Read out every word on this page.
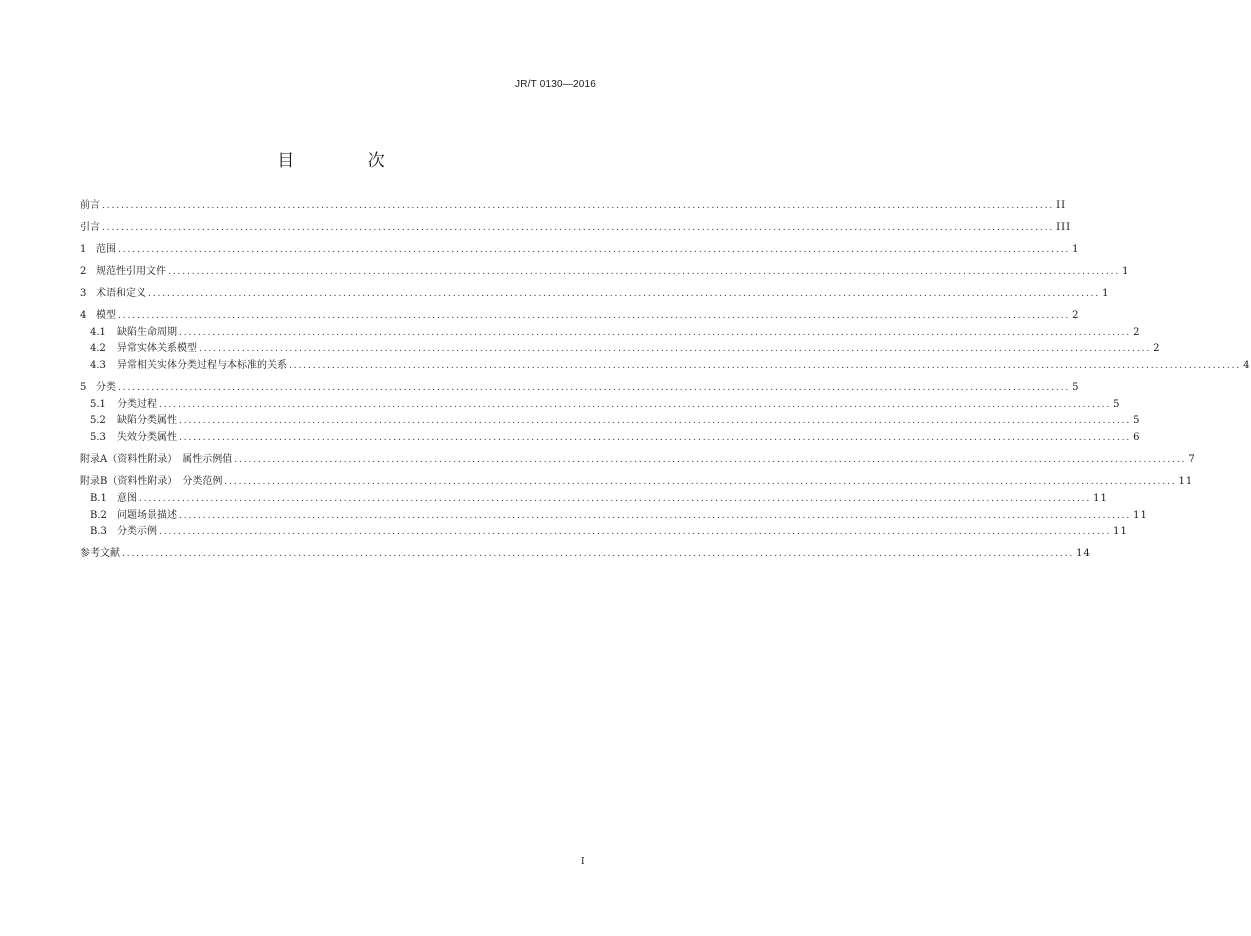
JR/T 0130—2016
目 次
前言 ........................................................................................................................................................................................................ II
引言 ........................................................................................................................................................................................................ III
1 范围 ........................................................................................................................................................................................................ 1
2 规范性引用文件 ........................................................................................................................................................................................................ 1
3 术语和定义 ........................................................................................................................................................................................................ 1
4 模型 ........................................................................................................................................................................................................ 2
4.1	缺陷生命周期 ........................................................................................................................................................................................................ 2
4.2	异常实体关系模型 ........................................................................................................................................................................................................ 2
4.3	异常相关实体分类过程与本标准的关系 ........................................................................................................................................................................................................ 4
5 分类 ........................................................................................................................................................................................................ 5
5.1	分类过程 ........................................................................................................................................................................................................ 5
5.2	缺陷分类属性 ........................................................................................................................................................................................................ 5
5.3	失效分类属性 ........................................................................................................................................................................................................ 6
附录A（资料性附录）　属性示例值 ........................................................................................................................................................................................................ 7
附录B（资料性附录）　分类范例 ........................................................................................................................................................................................................ 11
B.1	意图 ........................................................................................................................................................................................................ 11
B.2	问题场景描述 ........................................................................................................................................................................................................ 11
B.3	分类示例 ........................................................................................................................................................................................................ 11
参考文献 ........................................................................................................................................................................................................ 14
I
